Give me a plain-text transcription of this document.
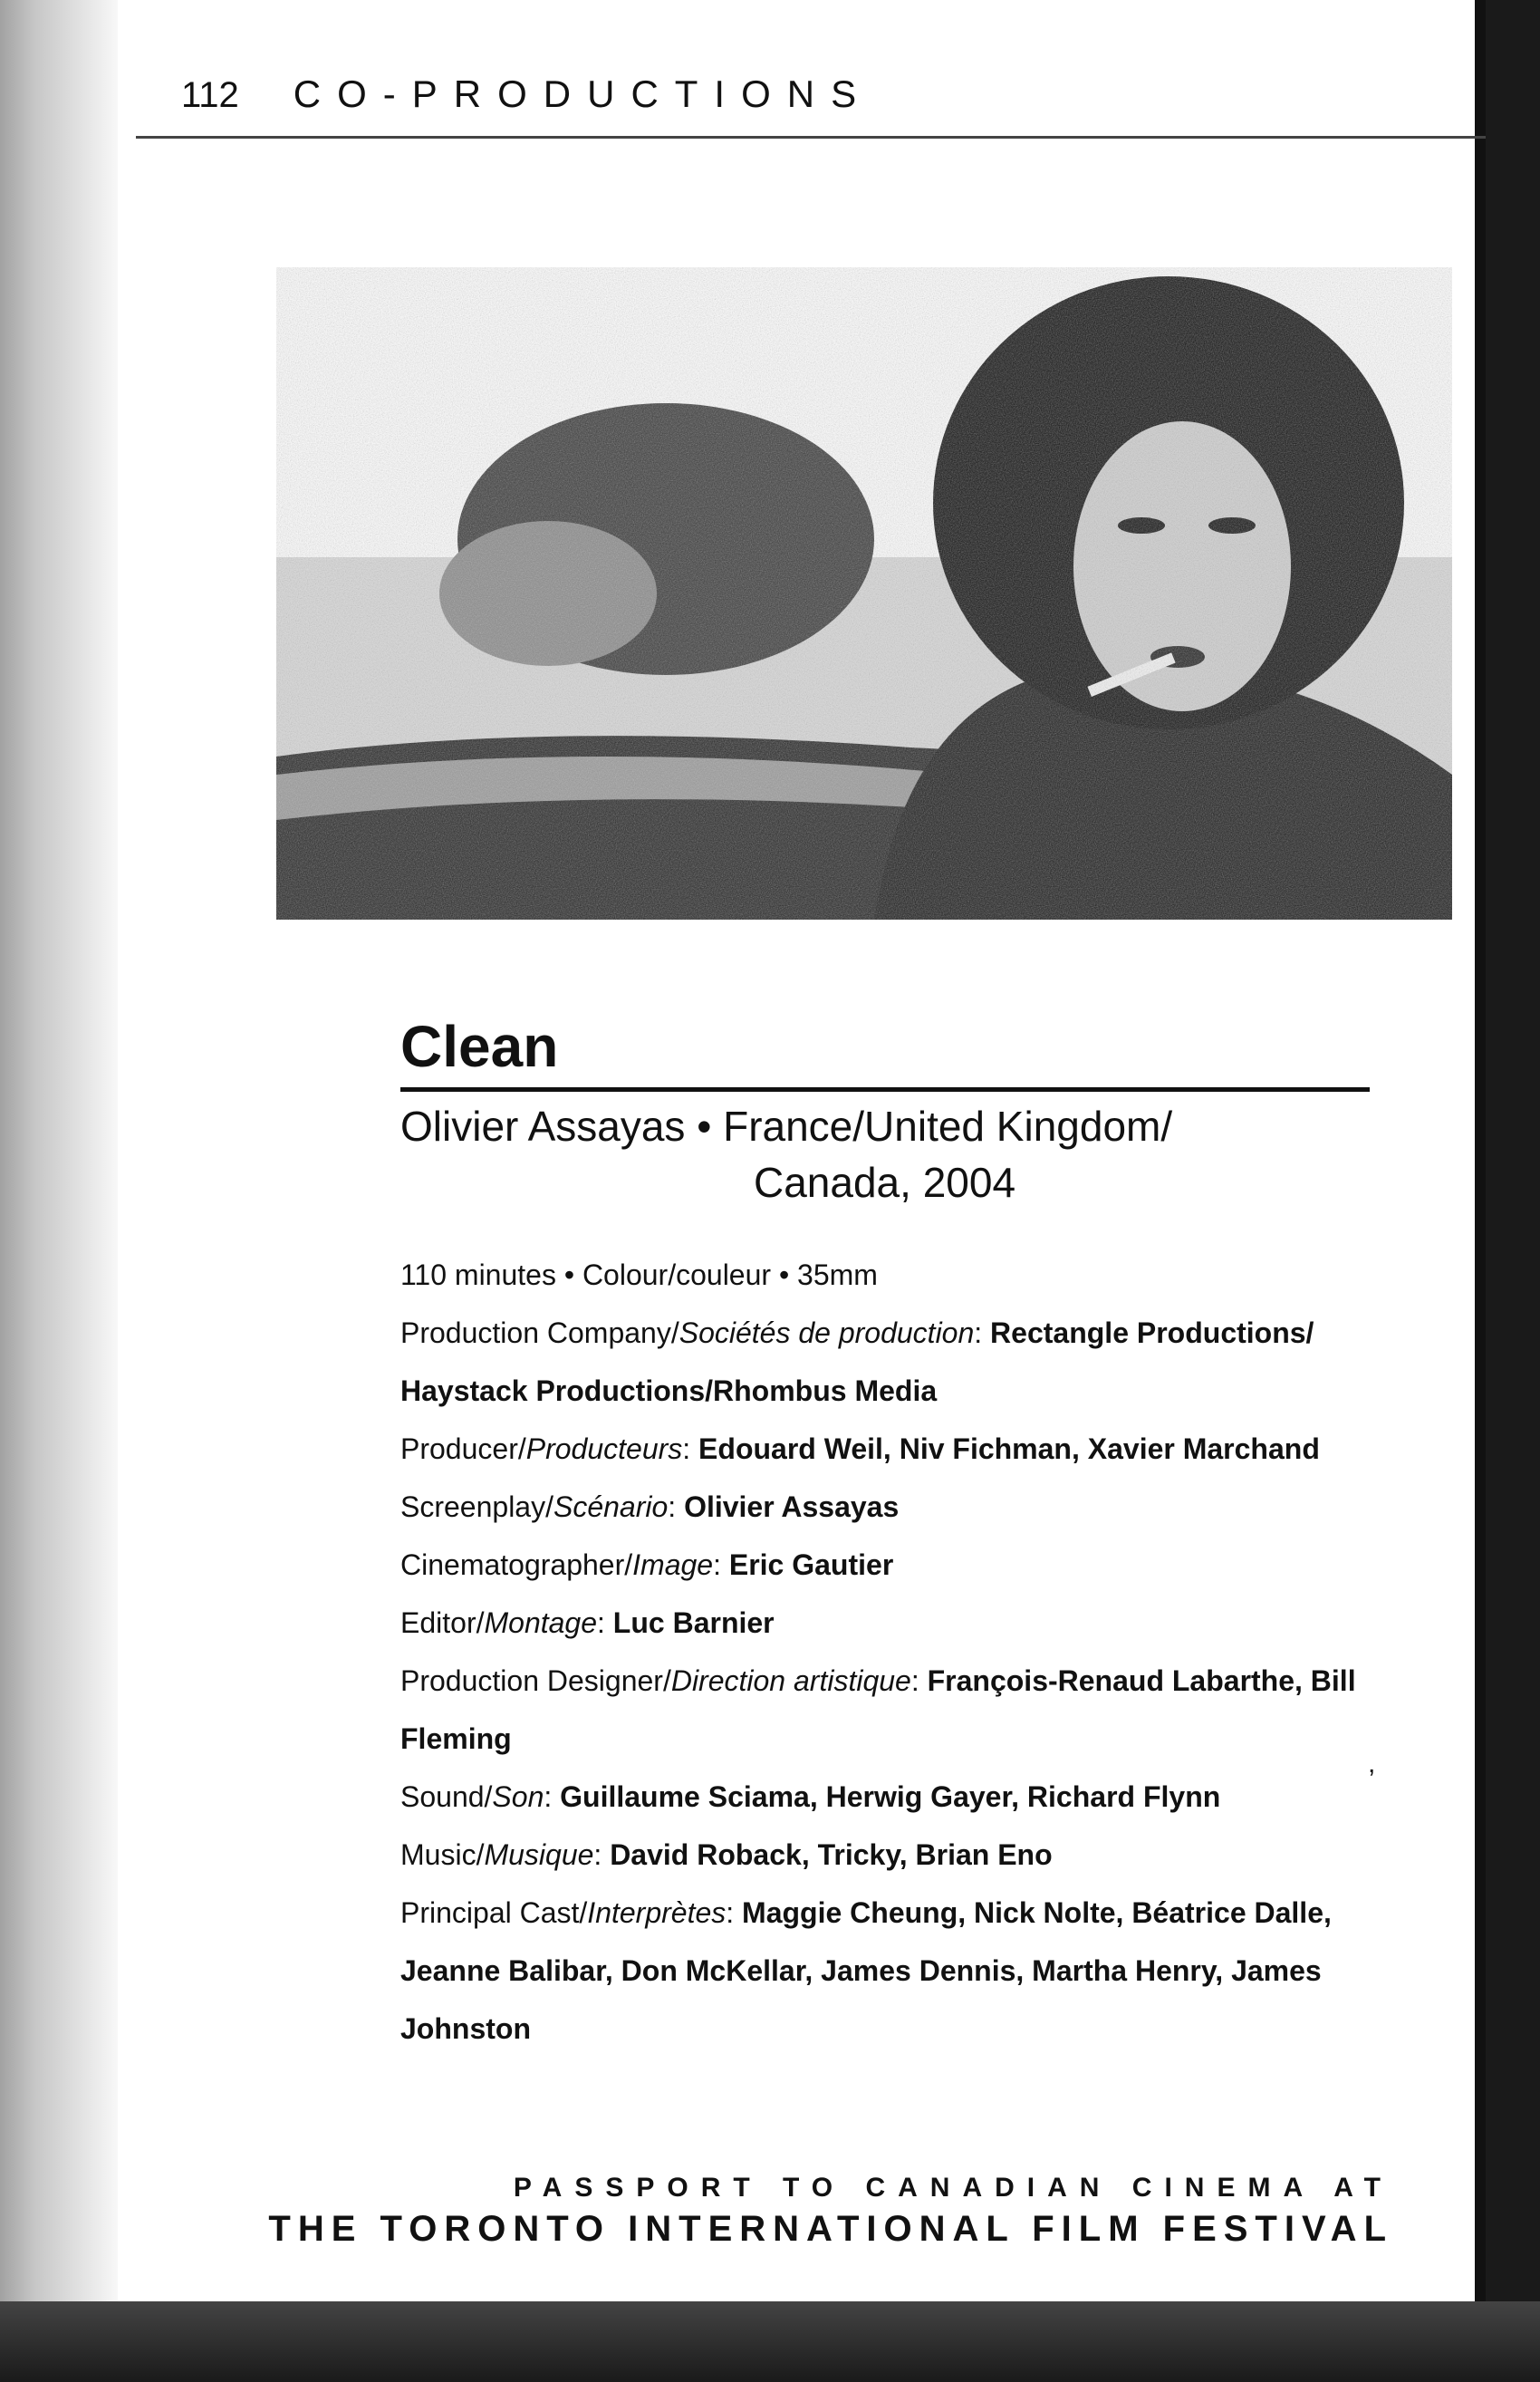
112 CO-PRODUCTIONS
Clean
Olivier Assayas • France/United Kingdom/
Canada, 2004

110 minutes • Colour/couleur • 35mm

Production Company/Sociétés de production: Rectangle Productions/ Haystack Productions/Rhombus Media

Producer/Producteurs: Edouard Weil, Niv Fichman, Xavier Marchand

Screenplay/Scénario: Olivier Assayas

Cinematographer/Image: Eric Gautier

Editor/Montage: Luc Barnier

Production Designer/Direction artistique: François-Renaud Labarthe, Bill Fleming

Sound/Son: Guillaume Sciama, Herwig Gayer, Richard Flynn

Music/Musique: David Roback, Tricky, Brian Eno

Principal Cast/Interprètes: Maggie Cheung, Nick Nolte, Béatrice Dalle, Jeanne Balibar, Don McKellar, James Dennis, Martha Henry, James Johnston

,
PASSPORT TO CANADIAN CINEMA AT
THE TORONTO INTERNATIONAL FILM FESTIVAL
